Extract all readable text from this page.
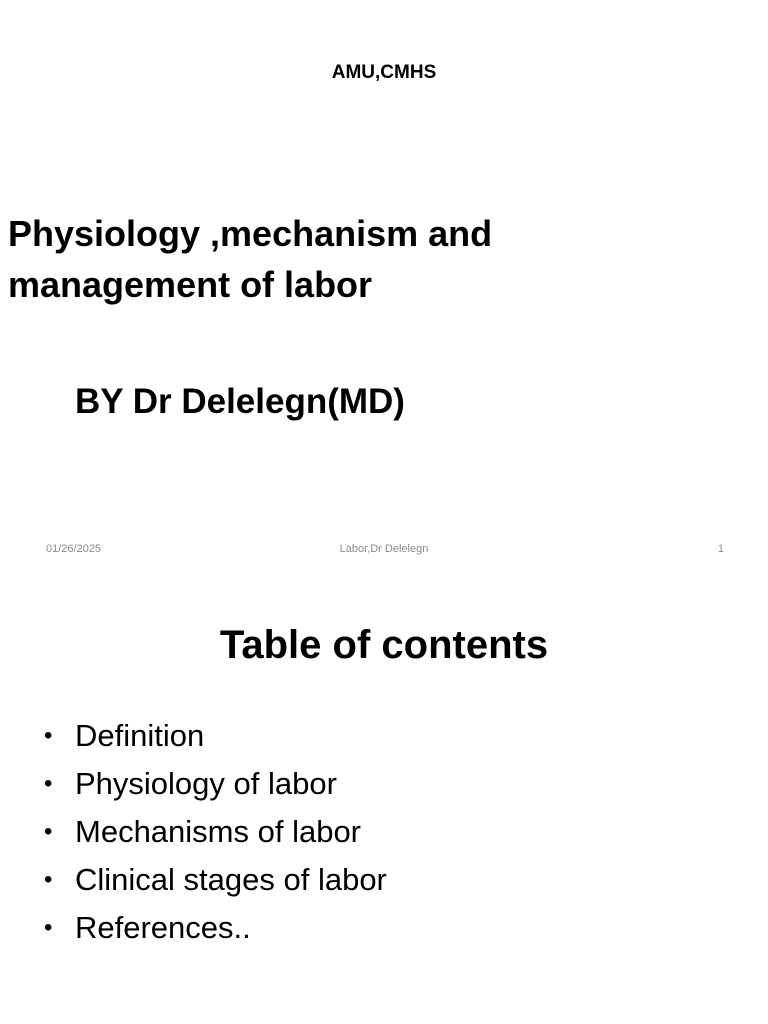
AMU,CMHS
Physiology ,mechanism and management of labor
BY Dr Delelegn(MD)
01/26/2025	Labor,Dr Delelegn	1
Table of contents
• Definition
• Physiology of labor
• Mechanisms of labor
• Clinical stages of labor
• References..
